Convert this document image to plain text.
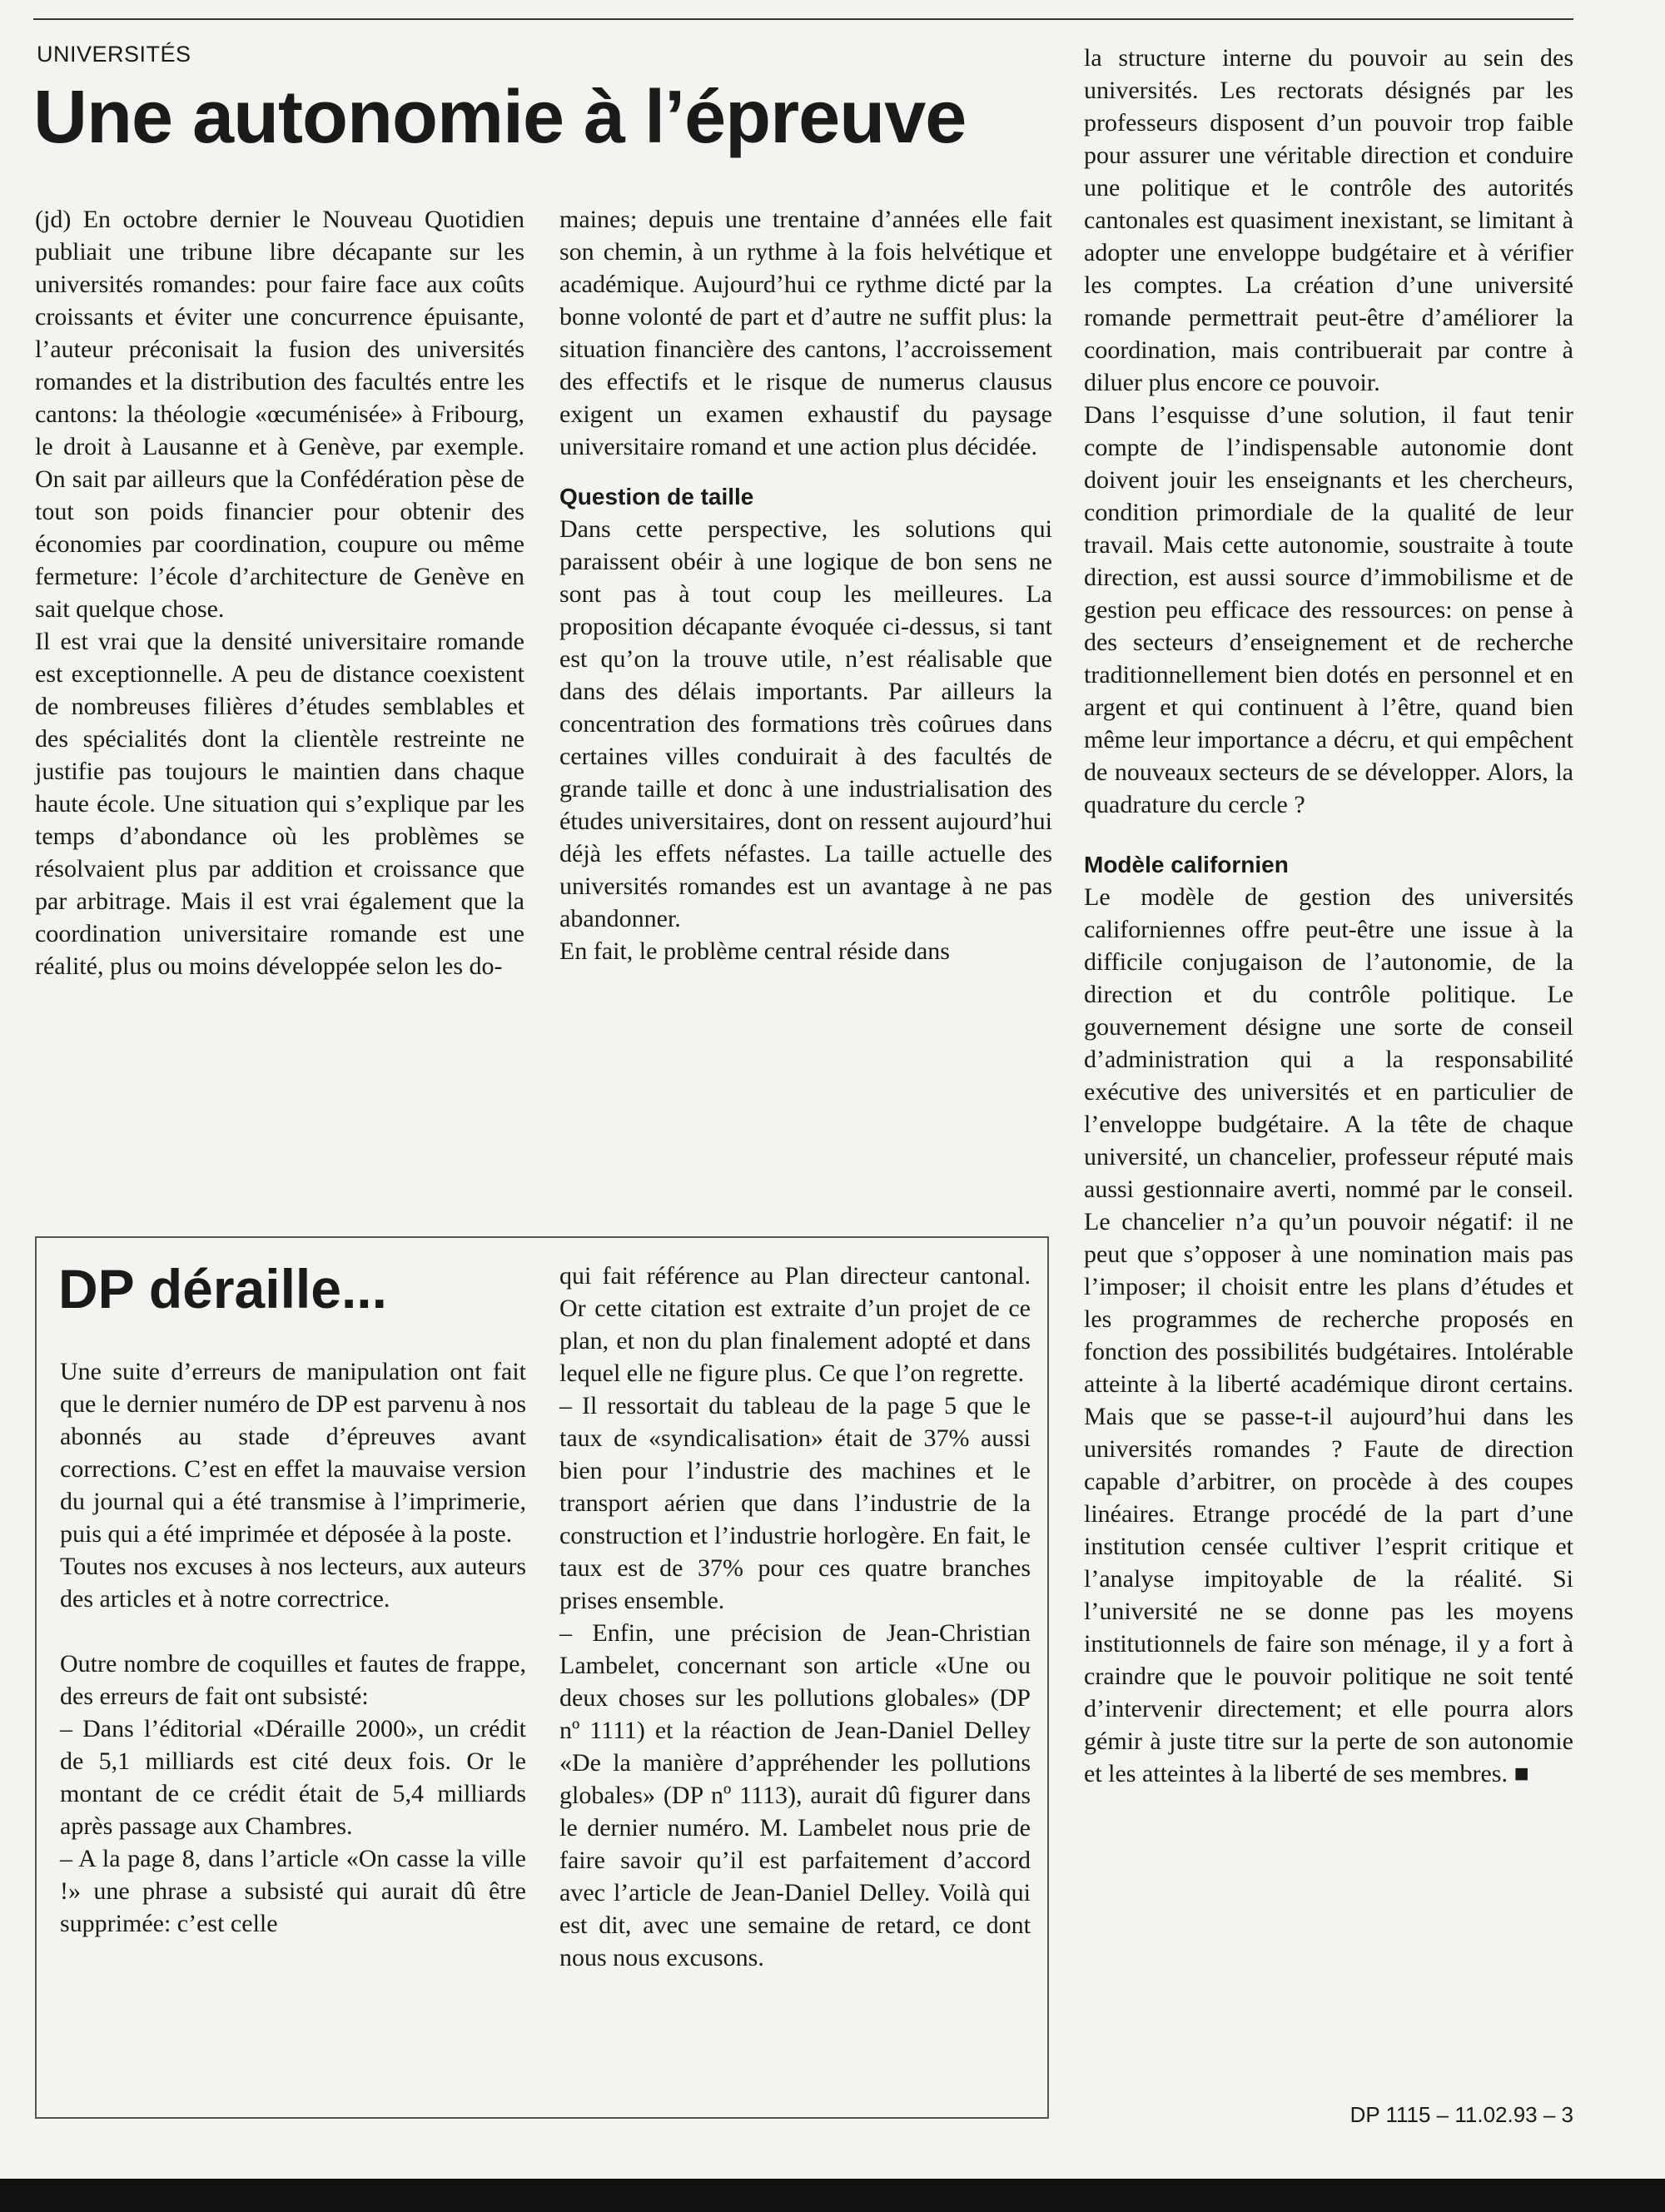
UNIVERSITÉS
Une autonomie à l’épreuve

(jd) En octobre dernier le Nouveau Quotidien publiait une tribune libre décapante sur les universités romandes: pour faire face aux coûts croissants et éviter une concurrence épuisante, l’auteur préconisait la fusion des universités romandes et la distribution des facultés entre les cantons: la théologie «œcuménisée» à Fribourg, le droit à Lausanne et à Genève, par exemple. On sait par ailleurs que la Confédération pèse de tout son poids financier pour obtenir des économies par coordination, coupure ou même fermeture: l’école d’architecture de Genève en sait quelque chose.

Il est vrai que la densité universitaire romande est exceptionnelle. A peu de distance coexistent de nombreuses filières d’études semblables et des spécialités dont la clientèle restreinte ne justifie pas toujours le maintien dans chaque haute école. Une situation qui s’explique par les temps d’abondance où les problèmes se résolvaient plus par addition et croissance que par arbitrage. Mais il est vrai également que la coordination universitaire romande est une réalité, plus ou moins développée selon les do-

maines; depuis une trentaine d’années elle fait son chemin, à un rythme à la fois helvétique et académique. Aujourd’hui ce rythme dicté par la bonne volonté de part et d’autre ne suffit plus: la situation financière des cantons, l’accroissement des effectifs et le risque de numerus clausus exigent un examen exhaustif du paysage universitaire romand et une action plus décidée.

Question de taille

Dans cette perspective, les solutions qui paraissent obéir à une logique de bon sens ne sont pas à tout coup les meilleures. La proposition décapante évoquée ci-dessus, si tant est qu’on la trouve utile, n’est réalisable que dans des délais importants. Par ailleurs la concentration des formations très coûrues dans certaines villes conduirait à des facultés de grande taille et donc à une industrialisation des études universitaires, dont on ressent aujourd’hui déjà les effets néfastes. La taille actuelle des universités romandes est un avantage à ne pas abandonner.

En fait, le problème central réside dans

la structure interne du pouvoir au sein des universités. Les rectorats désignés par les professeurs disposent d’un pouvoir trop faible pour assurer une véritable direction et conduire une politique et le contrôle des autorités cantonales est quasiment inexistant, se limitant à adopter une enveloppe budgétaire et à vérifier les comptes. La création d’une université romande permettrait peut-être d’améliorer la coordination, mais contribuerait par contre à diluer plus encore ce pouvoir.

Dans l’esquisse d’une solution, il faut tenir compte de l’indispensable autonomie dont doivent jouir les enseignants et les chercheurs, condition primordiale de la qualité de leur travail. Mais cette autonomie, soustraite à toute direction, est aussi source d’immobilisme et de gestion peu efficace des ressources: on pense à des secteurs d’enseignement et de recherche traditionnellement bien dotés en personnel et en argent et qui continuent à l’être, quand bien même leur importance a décru, et qui empêchent de nouveaux secteurs de se développer. Alors, la quadrature du cercle ?

Modèle californien

Le modèle de gestion des universités californiennes offre peut-être une issue à la difficile conjugaison de l’autonomie, de la direction et du contrôle politique. Le gouvernement désigne une sorte de conseil d’administration qui a la responsabilité exécutive des universités et en particulier de l’enveloppe budgétaire. A la tête de chaque université, un chancelier, professeur réputé mais aussi gestionnaire averti, nommé par le conseil. Le chancelier n’a qu’un pouvoir négatif: il ne peut que s’opposer à une nomination mais pas l’imposer; il choisit entre les plans d’études et les programmes de recherche proposés en fonction des possibilités budgétaires. Intolérable atteinte à la liberté académique diront certains. Mais que se passe-t-il aujourd’hui dans les universités romandes ? Faute de direction capable d’arbitrer, on procède à des coupes linéaires. Etrange procédé de la part d’une institution censée cultiver l’esprit critique et l’analyse impitoyable de la réalité. Si l’université ne se donne pas les moyens institutionnels de faire son ménage, il y a fort à craindre que le pouvoir politique ne soit tenté d’intervenir directement; et elle pourra alors gémir à juste titre sur la perte de son autonomie et les atteintes à la liberté de ses membres. ■

DP déraille...

Une suite d’erreurs de manipulation ont fait que le dernier numéro de DP est parvenu à nos abonnés au stade d’épreuves avant corrections. C’est en effet la mauvaise version du journal qui a été transmise à l’imprimerie, puis qui a été imprimée et déposée à la poste.

Toutes nos excuses à nos lecteurs, aux auteurs des articles et à notre correctrice.

Outre nombre de coquilles et fautes de frappe, des erreurs de fait ont subsisté:

– Dans l’éditorial «Déraille 2000», un crédit de 5,1 milliards est cité deux fois. Or le montant de ce crédit était de 5,4 milliards après passage aux Chambres.

– A la page 8, dans l’article «On casse la ville !» une phrase a subsisté qui aurait dû être supprimée: c’est celle

qui fait référence au Plan directeur cantonal. Or cette citation est extraite d’un projet de ce plan, et non du plan finalement adopté et dans lequel elle ne figure plus. Ce que l’on regrette.

– Il ressortait du tableau de la page 5 que le taux de «syndicalisation» était de 37% aussi bien pour l’industrie des machines et le transport aérien que dans l’industrie de la construction et l’industrie horlogère. En fait, le taux est de 37% pour ces quatre branches prises ensemble.

– Enfin, une précision de Jean-Christian Lambelet, concernant son article «Une ou deux choses sur les pollutions globales» (DP nº 1111) et la réaction de Jean-Daniel Delley «De la manière d’appréhender les pollutions globales» (DP nº 1113), aurait dû figurer dans le dernier numéro. M. Lambelet nous prie de faire savoir qu’il est parfaitement d’accord avec l’article de Jean-Daniel Delley. Voilà qui est dit, avec une semaine de retard, ce dont nous nous excusons.

DP 1115 – 11.02.93 – 3
